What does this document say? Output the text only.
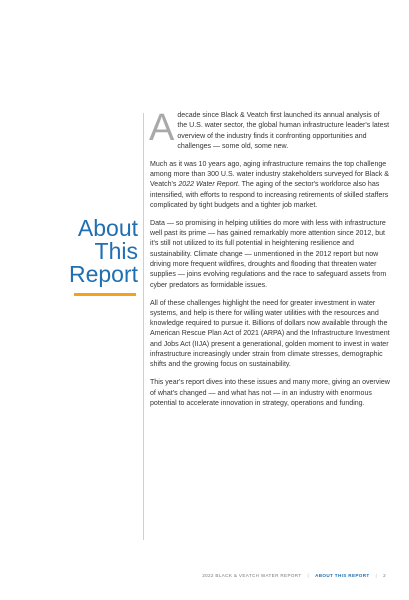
About
This
Report

Adecade since Black & Veatch first launched its annual analysis of the U.S. water sector, the global human infrastructure leader's latest overview of the industry finds it confronting opportunities and challenges — some old, some new.

Much as it was 10 years ago, aging infrastructure remains the top challenge among more than 300 U.S. water industry stakeholders surveyed for Black & Veatch's 2022 Water Report. The aging of the sector's workforce also has intensified, with efforts to respond to increasing retirements of skilled staffers complicated by tight budgets and a tighter job market.

Data — so promising in helping utilities do more with less with infrastructure well past its prime — has gained remarkably more attention since 2012, but it's still not utilized to its full potential in heightening resilience and sustainability. Climate change — unmentioned in the 2012 report but now driving more frequent wildfires, droughts and flooding that threaten water supplies — joins evolving regulations and the race to safeguard assets from cyber predators as formidable issues.

All of these challenges highlight the need for greater investment in water systems, and help is there for willing water utilities with the resources and knowledge required to pursue it. Billions of dollars now available through the American Rescue Plan Act of 2021 (ARPA) and the Infrastructure Investment and Jobs Act (IIJA) present a generational, golden moment to invest in water infrastructure increasingly under strain from climate stresses, demographic shifts and the growing focus on sustainability.

This year's report dives into these issues and many more, giving an overview of what's changed — and what has not — in an industry with enormous potential to accelerate innovation in strategy, operations and funding.

2022 BLACK & VEATCH WATER REPORT | ABOUT THIS REPORT | 2
